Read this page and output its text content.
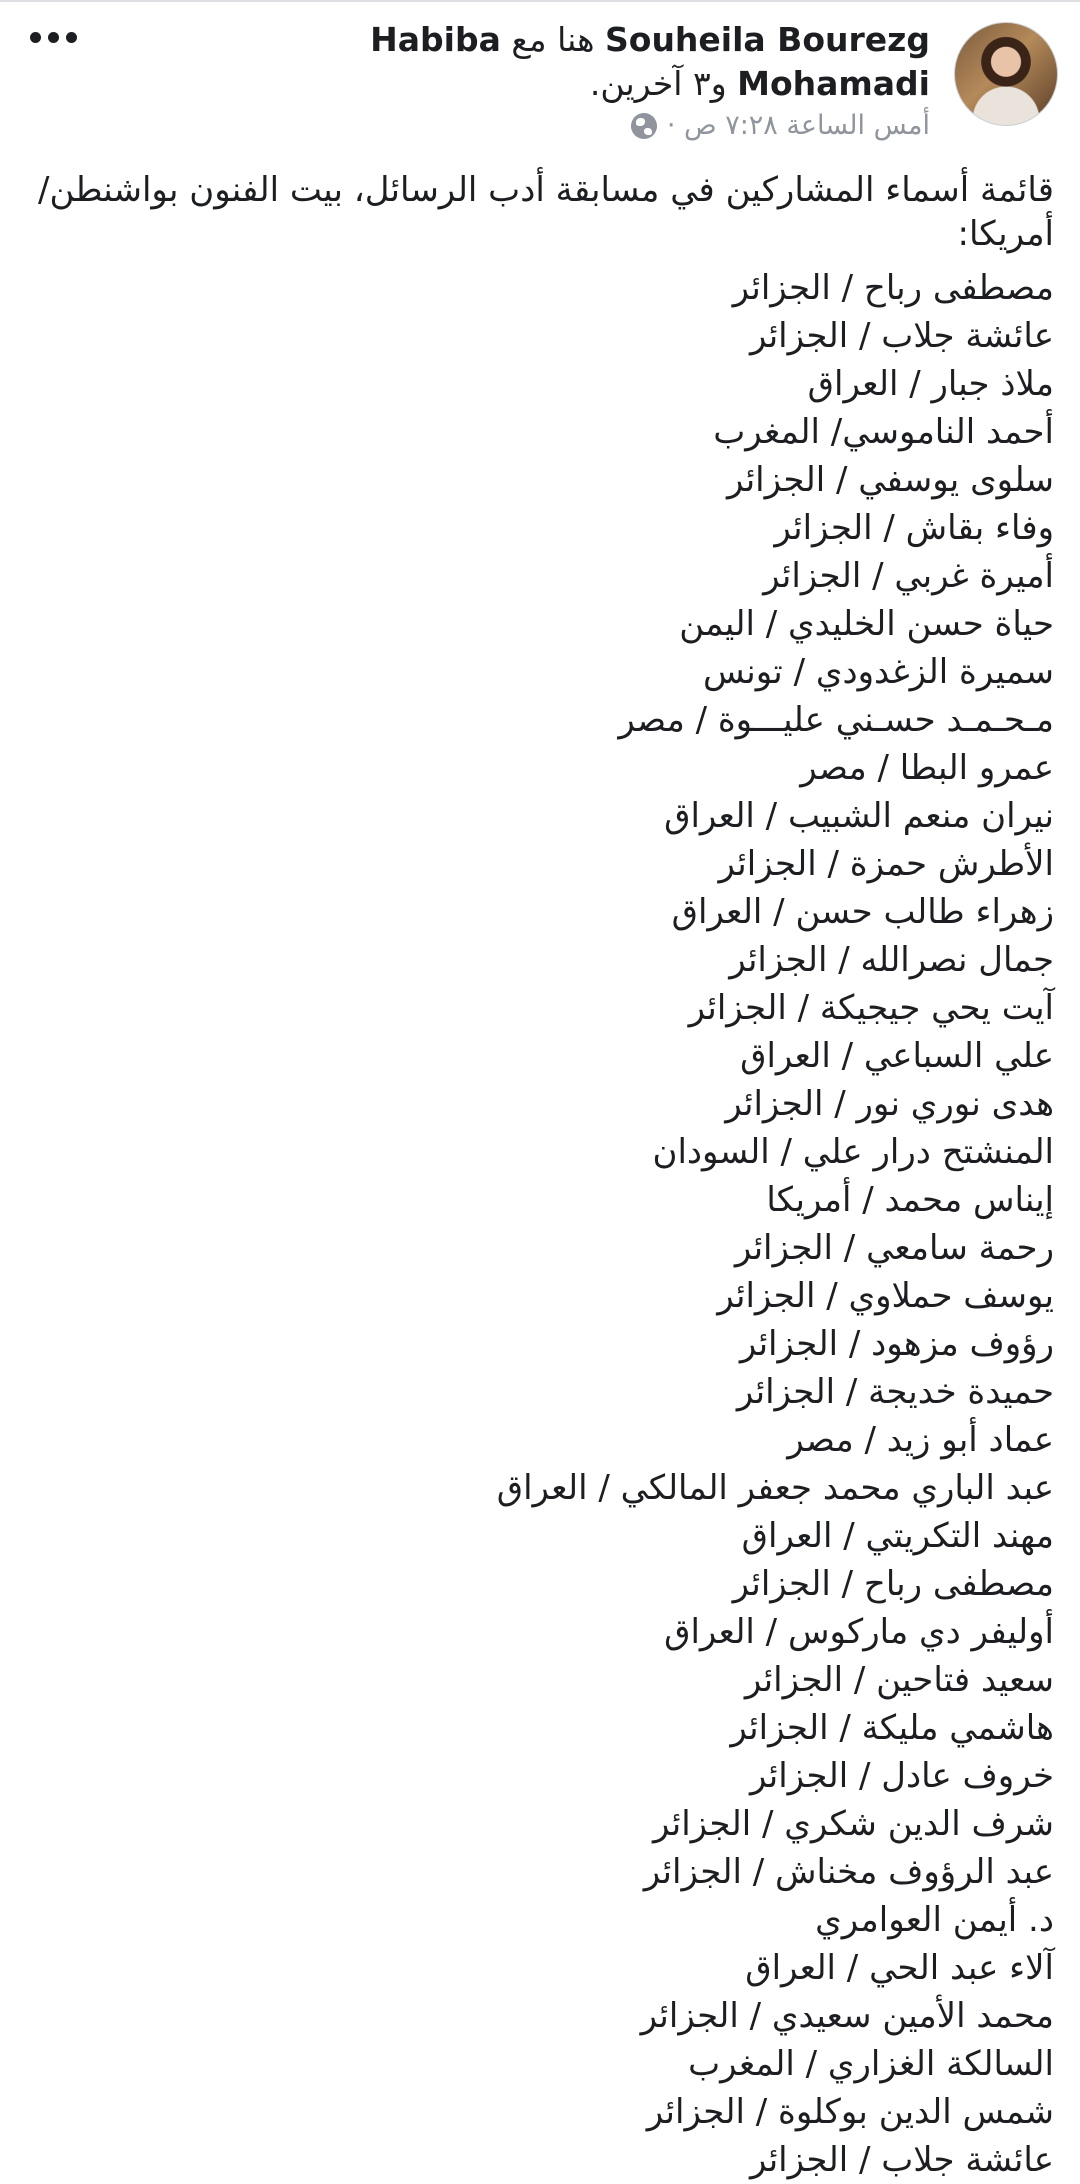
Souheila Bourezg هنا مع Habiba Mohamadi و٣ آخرين.
أمس الساعة ٧:٢٨ ص ·

قائمة أسماء المشاركين في مسابقة أدب الرسائل، بيت الفنون بواشنطن/ أمريكا:

مصطفى رباح / الجزائر
عائشة جلاب / الجزائر
ملاذ جبار / العراق
أحمد الناموسي/ المغرب
سلوى يوسفي / الجزائر
وفاء بقاش / الجزائر
أميرة غربي / الجزائر
حياة حسن الخليدي / اليمن
سميرة الزغدودي / تونس
مـحـمـد حسـني عليـــوة / مصر
عمرو البطا / مصر
نيران منعم الشبيب / العراق
الأطرش حمزة / الجزائر
زهراء طالب حسن / العراق
جمال نصرالله / الجزائر
آيت يحي جيجيكة / الجزائر
علي السباعي / العراق
هدى نوري نور / الجزائر
المنشتح درار علي / السودان
إيناس محمد / أمريكا
رحمة سامعي / الجزائر
يوسف حملاوي / الجزائر
رؤوف مزهود / الجزائر
حميدة خديجة / الجزائر
عماد أبو زيد / مصر
عبد الباري محمد جعفر المالكي / العراق
مهند التكريتي / العراق
مصطفى رباح / الجزائر
أوليفر دي ماركوس / العراق
سعيد فتاحين / الجزائر
هاشمي مليكة / الجزائر
خروف عادل / الجزائر
شرف الدين شكري / الجزائر
عبد الرؤوف مخناش / الجزائر
د. أيمن العوامري
آلاء عبد الحي / العراق
محمد الأمين سعيدي / الجزائر
السالكة الغزاري / المغرب
شمس الدين بوكلوة / الجزائر
عائشة جلاب / الجزائر
